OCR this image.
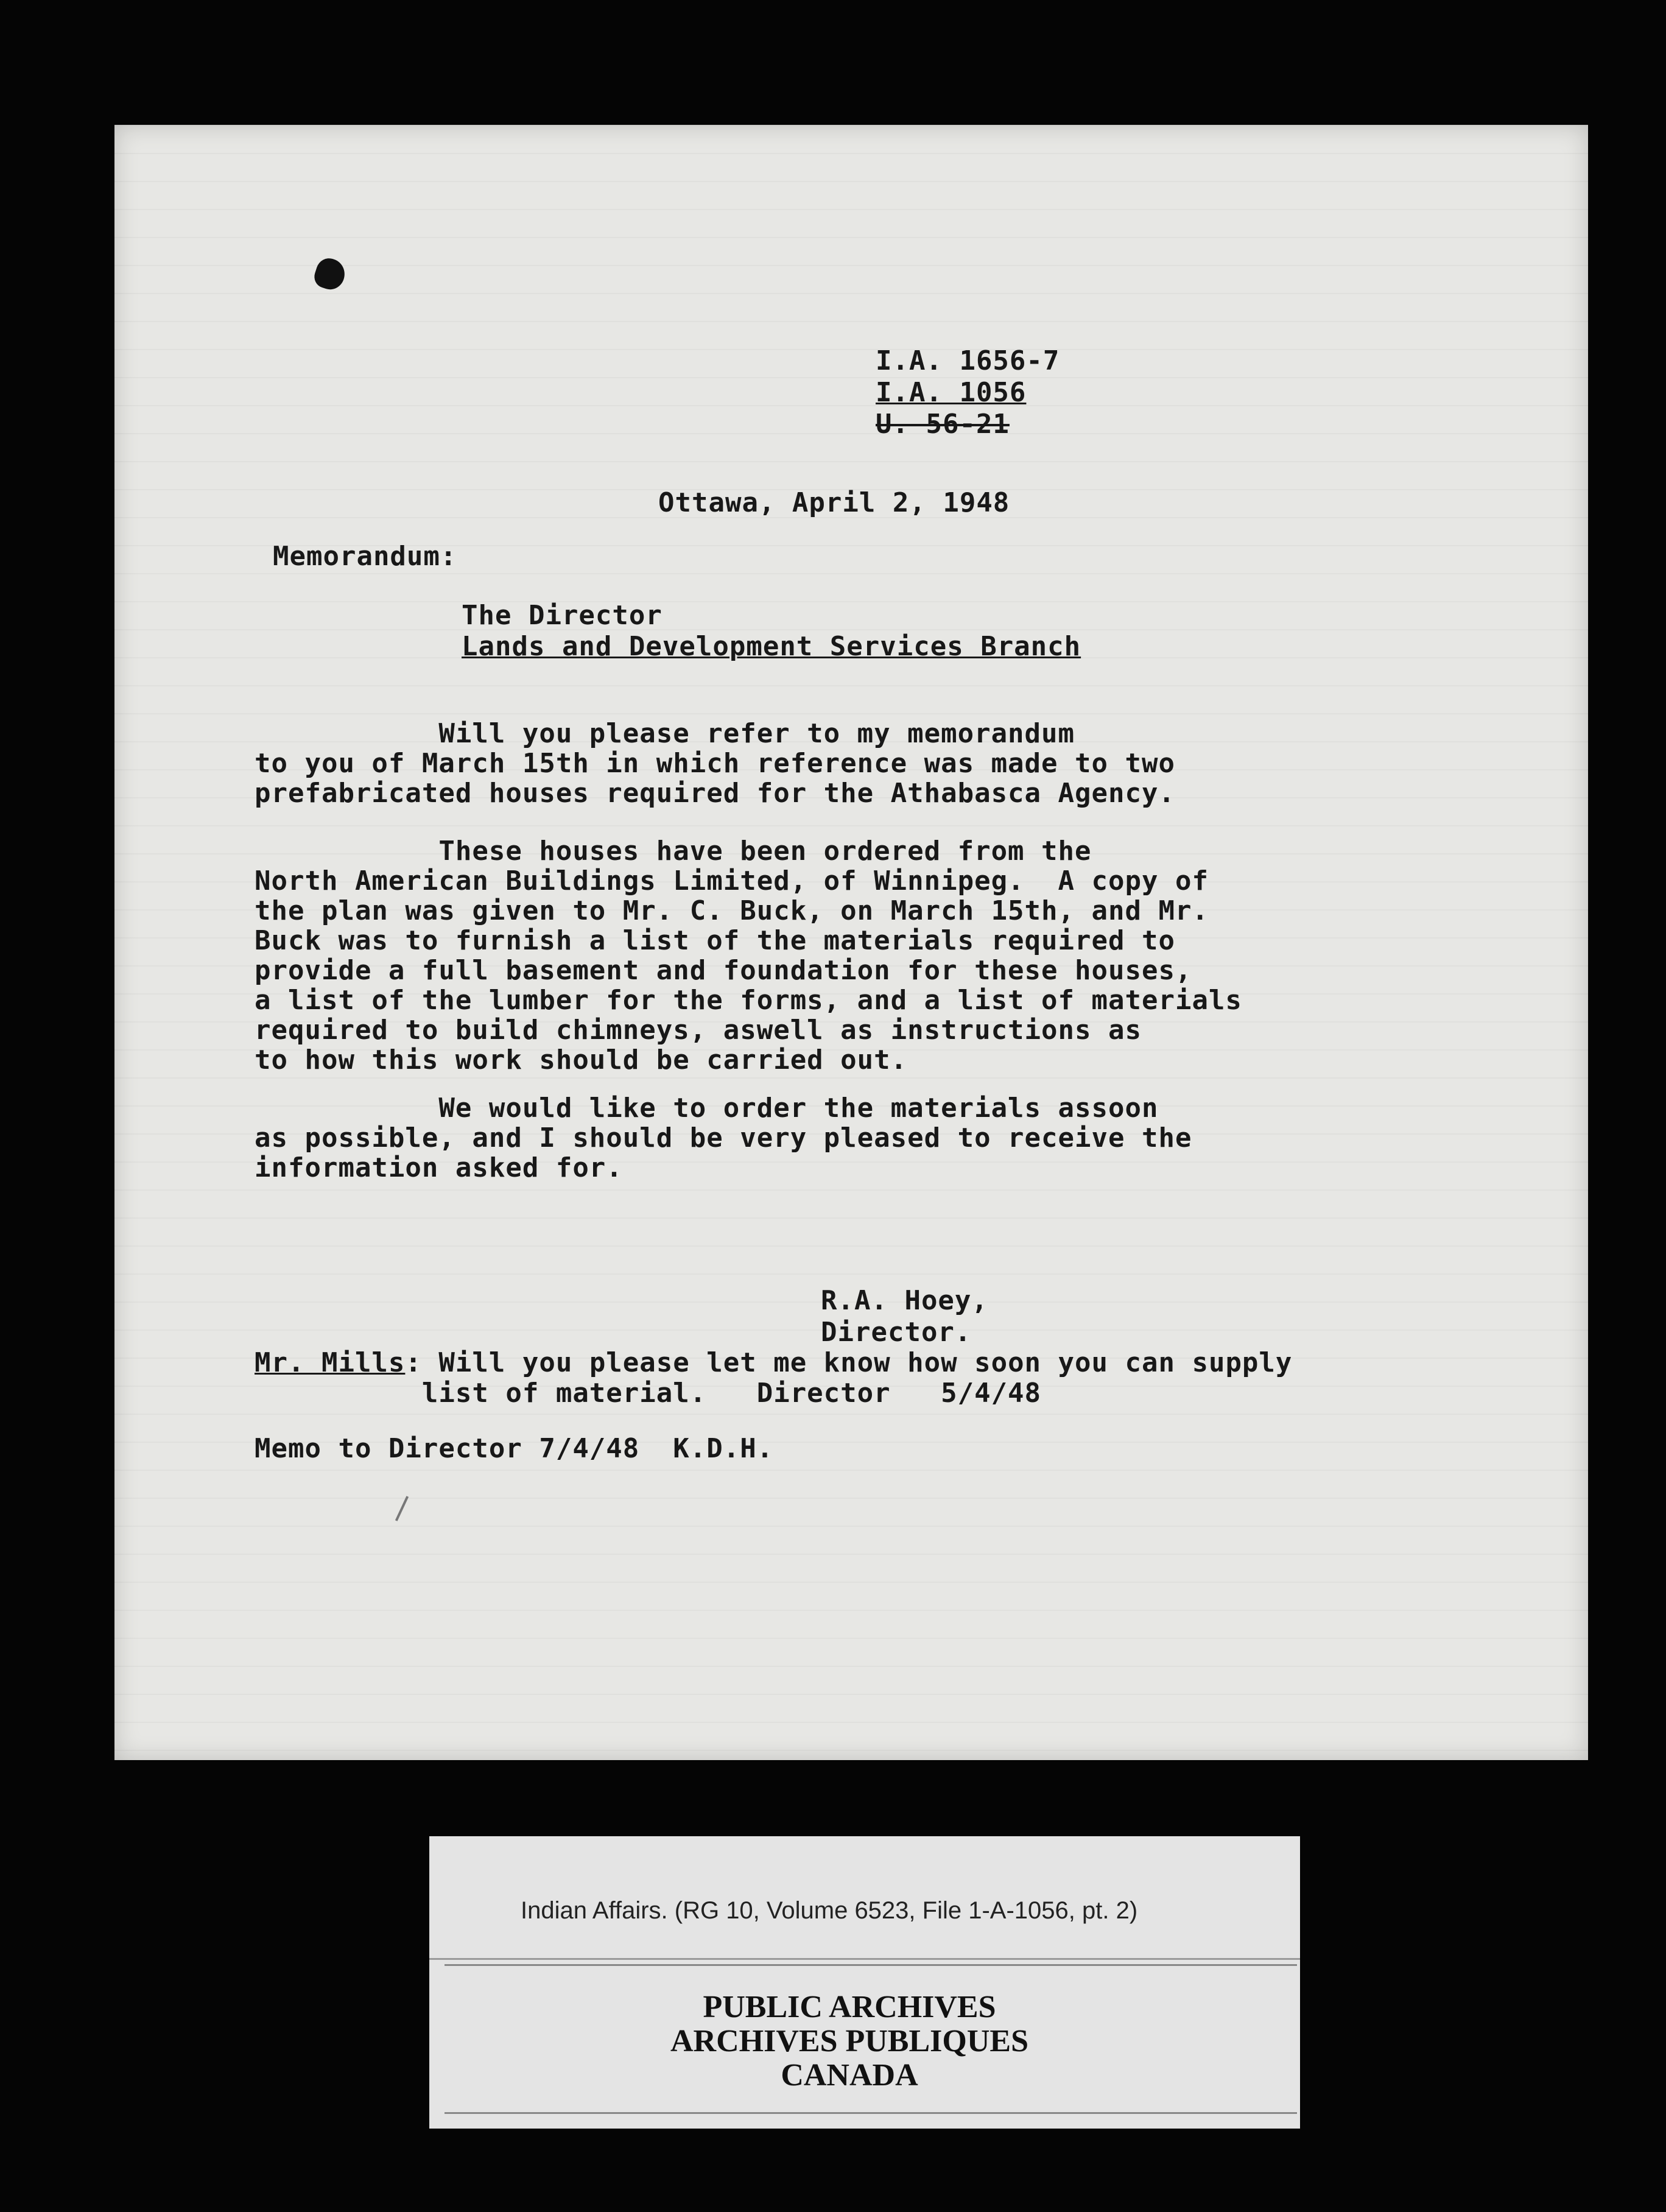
I.A. 1656-7
I.A. 1056
U. 56-21
Ottawa, April 2, 1948
Memorandum:
The Director
Lands and Development Services Branch
Will you please refer to my memorandum
to you of March 15th in which reference was made to two
prefabricated houses required for the Athabasca Agency.
These houses have been ordered from the
North American Buildings Limited, of Winnipeg.  A copy of
the plan was given to Mr. C. Buck, on March 15th, and Mr.
Buck was to furnish a list of the materials required to
provide a full basement and foundation for these houses,
a list of the lumber for the forms, and a list of materials
required to build chimneys, aswell as instructions as
to how this work should be carried out.
We would like to order the materials assoon
as possible, and I should be very pleased to receive the
information asked for.
R.A. Hoey,
Director.
Mr. Mills: Will you please let me know how soon you can supply
list of material.   Director   5/4/48
Memo to Director 7/4/48  K.D.H.
Indian Affairs. (RG 10, Volume 6523, File 1-A-1056, pt. 2)
PUBLIC ARCHIVES
ARCHIVES PUBLIQUES
CANADA
